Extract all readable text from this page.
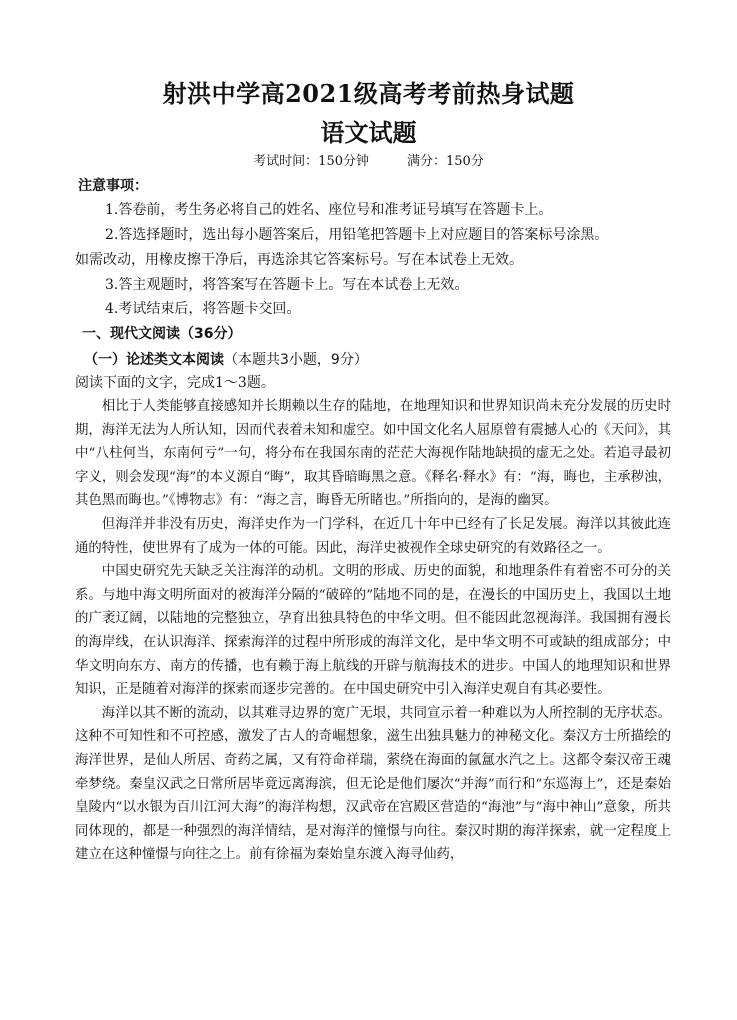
射洪中学高2021级高考考前热身试题
语文试题
考试时间：150分钟	满分：150分
注意事项：
1.答卷前，考生务必将自己的姓名、座位号和准考证号填写在答题卡上。
2.答选择题时，选出每小题答案后，用铅笔把答题卡上对应题目的答案标号涂黑。
如需改动，用橡皮擦干净后，再选涂其它答案标号。写在本试卷上无效。
3.答主观题时，将答案写在答题卡上。写在本试卷上无效。
4.考试结束后，将答题卡交回。
一、现代文阅读（36分）
（一）论述类文本阅读（本题共3小题，9分）
阅读下面的文字，完成1～3题。

相比于人类能够直接感知并长期赖以生存的陆地，在地理知识和世界知识尚未充分发展的历史时期，海洋无法为人所认知，因而代表着未知和虚空。如中国文化名人屈原曾有震撼人心的《天问》，其中“八柱何当，东南何亏”一句，将分布在我国东南的茫茫大海视作陆地缺损的虚无之处。若追寻最初字义，则会发现“海”的本义源自“晦”，取其昏暗晦黑之意。《释名·释水》有：“海，晦也，主承秽浊，其色黑而晦也。”《博物志》有：“海之言，晦昏无所睹也。”所指向的，是海的幽冥。

但海洋并非没有历史，海洋史作为一门学科，在近几十年中已经有了长足发展。海洋以其彼此连通的特性，使世界有了成为一体的可能。因此，海洋史被视作全球史研究的有效路径之一。

中国史研究先天缺乏关注海洋的动机。文明的形成、历史的面貌，和地理条件有着密不可分的关系。与地中海文明所面对的被海洋分隔的“破碎的”陆地不同的是，在漫长的中国历史上，我国以土地的广袤辽阔，以陆地的完整独立，孕育出独具特色的中华文明。但不能因此忽视海洋。我国拥有漫长的海岸线，在认识海洋、探索海洋的过程中所形成的海洋文化，是中华文明不可或缺的组成部分；中华文明向东方、南方的传播，也有赖于海上航线的开辟与航海技术的进步。中国人的地理知识和世界知识，正是随着对海洋的探索而逐步完善的。在中国史研究中引入海洋史观自有其必要性。

海洋以其不断的流动，以其难寻边界的宽广无垠，共同宣示着一种难以为人所控制的无序状态。这种不可知性和不可控感，激发了古人的奇崛想象，滋生出独具魅力的神秘文化。秦汉方士所描绘的海洋世界，是仙人所居、奇药之属，又有符命祥瑞，萦绕在海面的氤氲水汽之上。这都令秦汉帝王魂牵梦绕。秦皇汉武之日常所居毕竟远离海滨，但无论是他们屡次“并海”而行和“东巡海上”，还是秦始皇陵内“以水银为百川江河大海”的海洋构想，汉武帝在宫殿区营造的“海池”与“海中神山”意象，所共同体现的，都是一种强烈的海洋情结，是对海洋的憧憬与向往。秦汉时期的海洋探索，就一定程度上建立在这种憧憬与向往之上。前有徐福为秦始皇东渡入海寻仙药，
